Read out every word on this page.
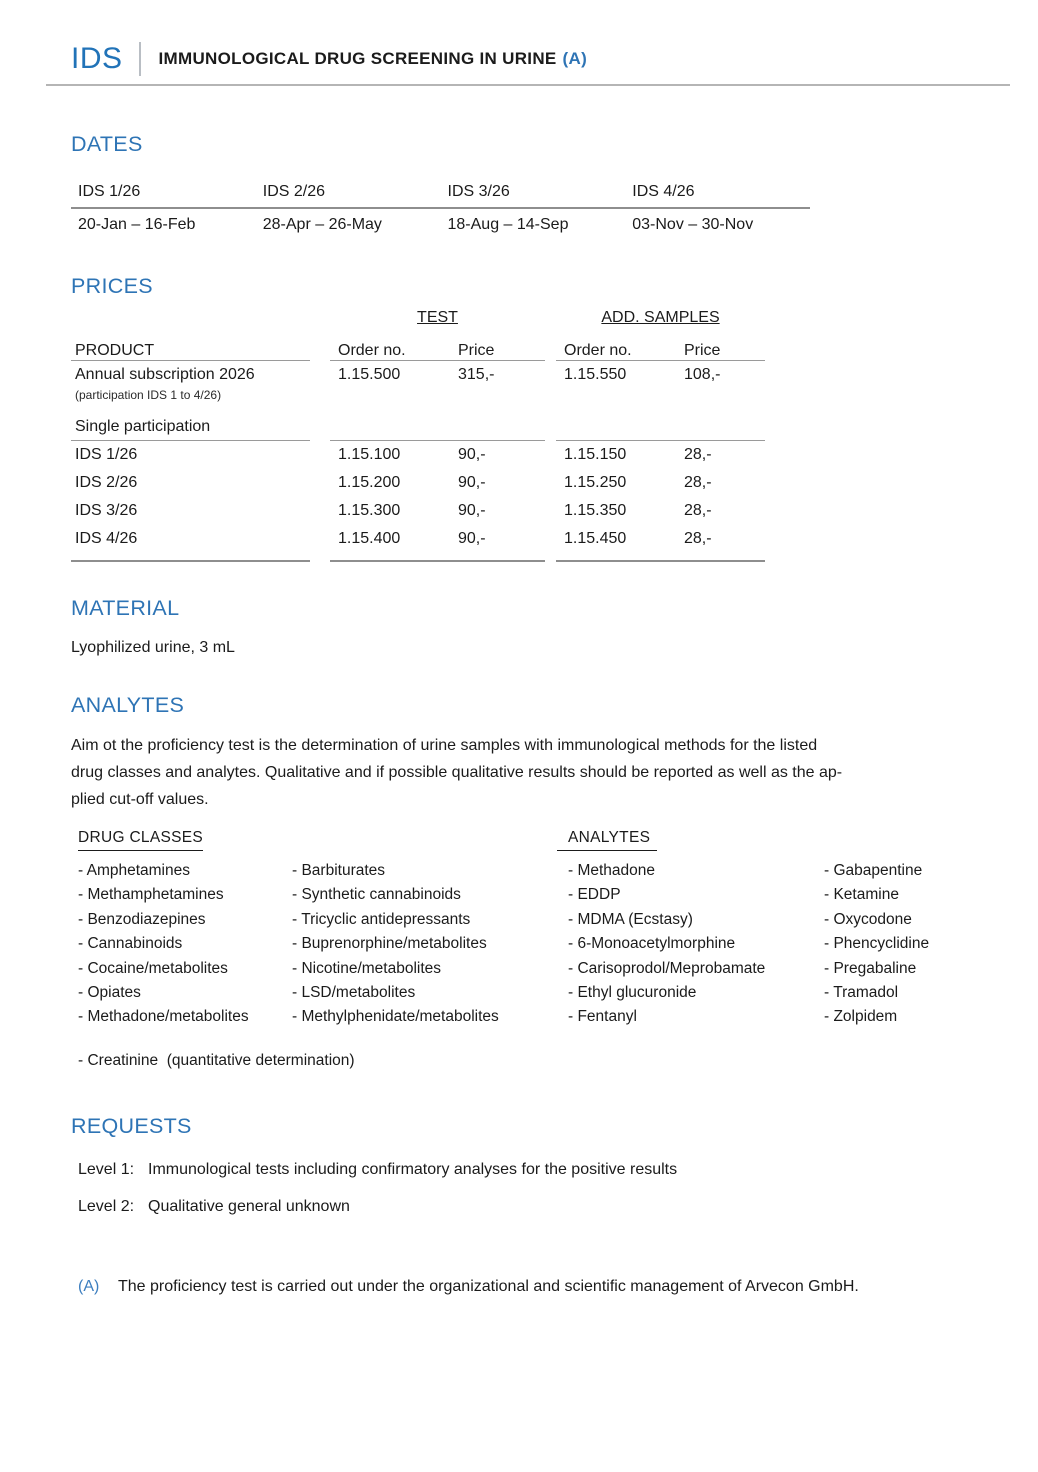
IDS IMMUNOLOGICAL DRUG SCREENING IN URINE (A)
DATES
IDS 1/26	IDS 2/26	IDS 3/26	IDS 4/26
20-Jan – 16-Feb	28-Apr – 26-May	18-Aug – 14-Sep	03-Nov – 30-Nov
PRICES
TEST	ADD. SAMPLES
PRODUCT	Order no.	Price	Order no.	Price
Annual subscription 2026	1.15.500	315,-	1.15.550	108,-
(participation IDS 1 to 4/26)
Single participation
IDS 1/26	1.15.100	90,-	1.15.150	28,-
IDS 2/26	1.15.200	90,-	1.15.250	28,-
IDS 3/26	1.15.300	90,-	1.15.350	28,-
IDS 4/26	1.15.400	90,-	1.15.450	28,-
MATERIAL
Lyophilized urine, 3 mL
ANALYTES
Aim ot the proficiency test is the determination of urine samples with immunological methods for the listed
drug classes and analytes. Qualitative and if possible qualitative results should be reported as well as the ap-
plied cut-off values.
DRUG CLASSES	ANALYTES
- Amphetamines	- Barbiturates	- Methadone	- Gabapentine
- Methamphetamines	- Synthetic cannabinoids	- EDDP	- Ketamine
- Benzodiazepines	- Tricyclic antidepressants	- MDMA (Ecstasy)	- Oxycodone
- Cannabinoids	- Buprenorphine/metabolites	- 6-Monoacetylmorphine	- Phencyclidine
- Cocaine/metabolites	- Nicotine/metabolites	- Carisoprodol/Meprobamate	- Pregabaline
- Opiates	- LSD/metabolites	- Ethyl glucuronide	- Tramadol
- Methadone/metabolites	- Methylphenidate/metabolites	- Fentanyl	- Zolpidem
- Creatinine  (quantitative determination)
REQUESTS
Level 1: Immunological tests including confirmatory analyses for the positive results
Level 2: Qualitative general unknown
(A)	The proficiency test is carried out under the organizational and scientific management of Arvecon GmbH.
